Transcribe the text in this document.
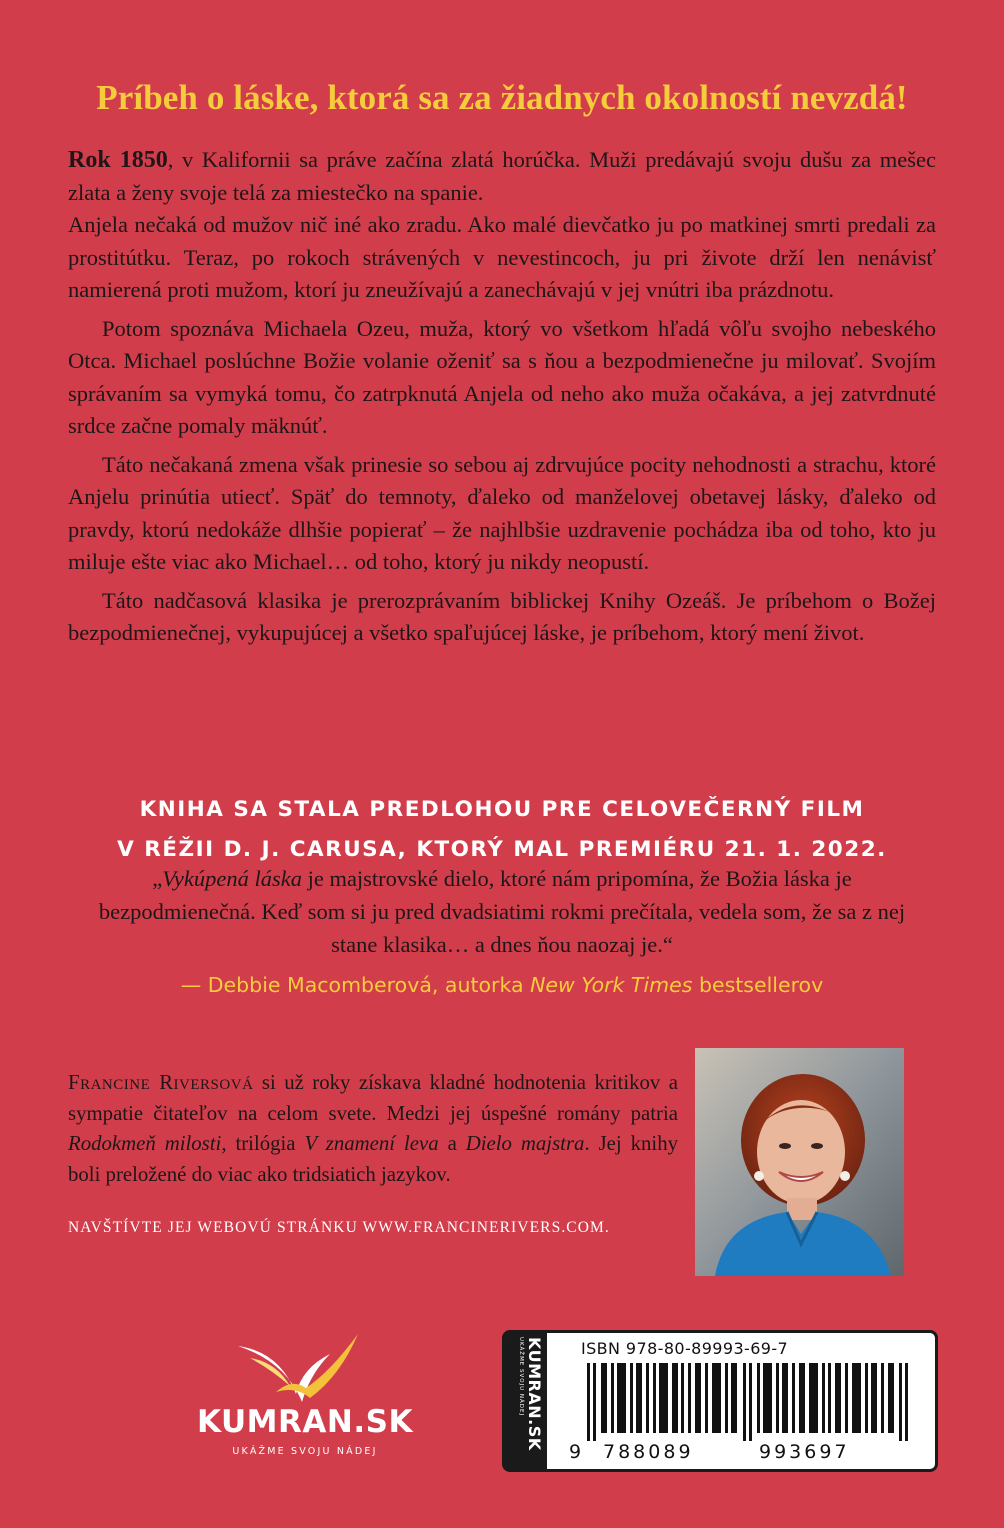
Príbeh o láske, ktorá sa za žiadnych okolností nevzdá!

Rok 1850, v Kalifornii sa práve začína zlatá horúčka. Muži predávajú svoju dušu za mešec zlata a ženy svoje telá za miestečko na spanie.

Anjela nečaká od mužov nič iné ako zradu. Ako malé dievčatko ju po matkinej smrti predali za prostitútku. Teraz, po rokoch strávených v nevestincoch, ju pri živote drží len nenávisť namierená proti mužom, ktorí ju zneužívajú a zanechávajú v jej vnútri iba prázdnotu.

Potom spoznáva Michaela Ozeu, muža, ktorý vo všetkom hľadá vôľu svojho nebeského Otca. Michael poslúchne Božie volanie oženiť sa s ňou a bezpodmienečne ju milovať. Svojím správaním sa vymyká tomu, čo zatrpknutá Anjela od neho ako muža očakáva, a jej zatvrdnuté srdce začne pomaly mäknúť.

Táto nečakaná zmena však prinesie so sebou aj zdrvujúce pocity nehodnosti a strachu, ktoré Anjelu prinútia utiecť. Späť do temnoty, ďaleko od manželovej obetavej lásky, ďaleko od pravdy, ktorú nedokáže dlhšie popierať – že najhlbšie uzdravenie pochádza iba od toho, kto ju miluje ešte viac ako Michael… od toho, ktorý ju nikdy neopustí.

Táto nadčasová klasika je prerozprávaním biblickej Knihy Ozeáš. Je príbehom o Božej bezpodmienečnej, vykupujúcej a všetko spaľujúcej láske, je príbehom, ktorý mení život.

KNIHA SA STALA PREDLOHOU PRE CELOVEČERNÝ FILM
V RÉŽII D. J. CARUSA, KTORÝ MAL PREMIÉRU 21. 1. 2022.
„Vykúpená láska je majstrovské dielo, ktoré nám pripomína, že Božia láska je bezpodmienečná. Keď som si ju pred dvadsiatimi rokmi prečítala, vedela som, že sa z nej stane klasika… a dnes ňou naozaj je.“
— Debbie Macomberová, autorka New York Times bestsellerov
Francine Riversová si už roky získava kladné hodnotenia kritikov a sympatie čitateľov na celom svete. Medzi jej úspešné romány patria Rodokmeň milosti, trilógia V znamení leva a Dielo majstra. Jej knihy boli preložené do viac ako tridsiatich jazykov.
NAVŠTÍVTE JEJ WEBOVÚ STRÁNKU WWW.FRANCINERIVERS.COM.
KUMRAN.SK
UKÁŽME SVOJU NÁDEJ
KUMRAN.SK
UKÁŽME SVOJU NÁDEJ	ISBN 978-80-89993-69-7
9 788089	993697
